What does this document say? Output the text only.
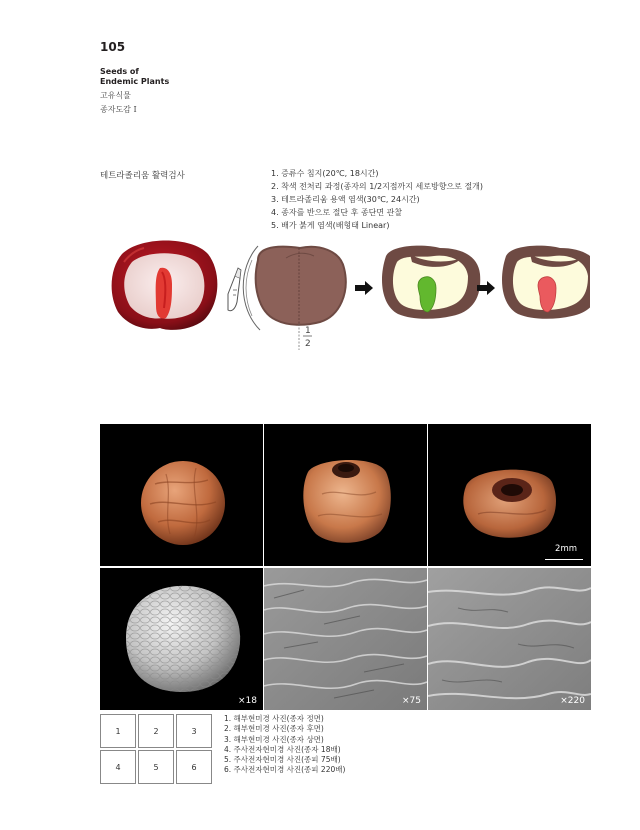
105
Seeds of
Endemic Plants
고유식물
종자도감 I
테트라졸리움 활력검사	1. 증류수 침지(20℃, 18시간)
2. 착색 전처리 과정(종자의 1/2지점까지 세로방향으로 절개)
3. 테트라졸리움 용액 염색(30℃, 24시간)
4. 종자를 반으로 절단 후 종단면 관찰
5. 배가 붉게 염색(배형태 Linear)
1
2
2mm
×18	×75	×220
1	2	3
4	5	6
1. 해부현미경 사진(종자 정면)
2. 해부현미경 사진(종자 후면)
3. 해부현미경 사진(종자 상면)
4. 주사전자현미경 사진(종자 18배)
5. 주사전자현미경 사진(종피 75배)
6. 주사전자현미경 사진(종피 220배)
